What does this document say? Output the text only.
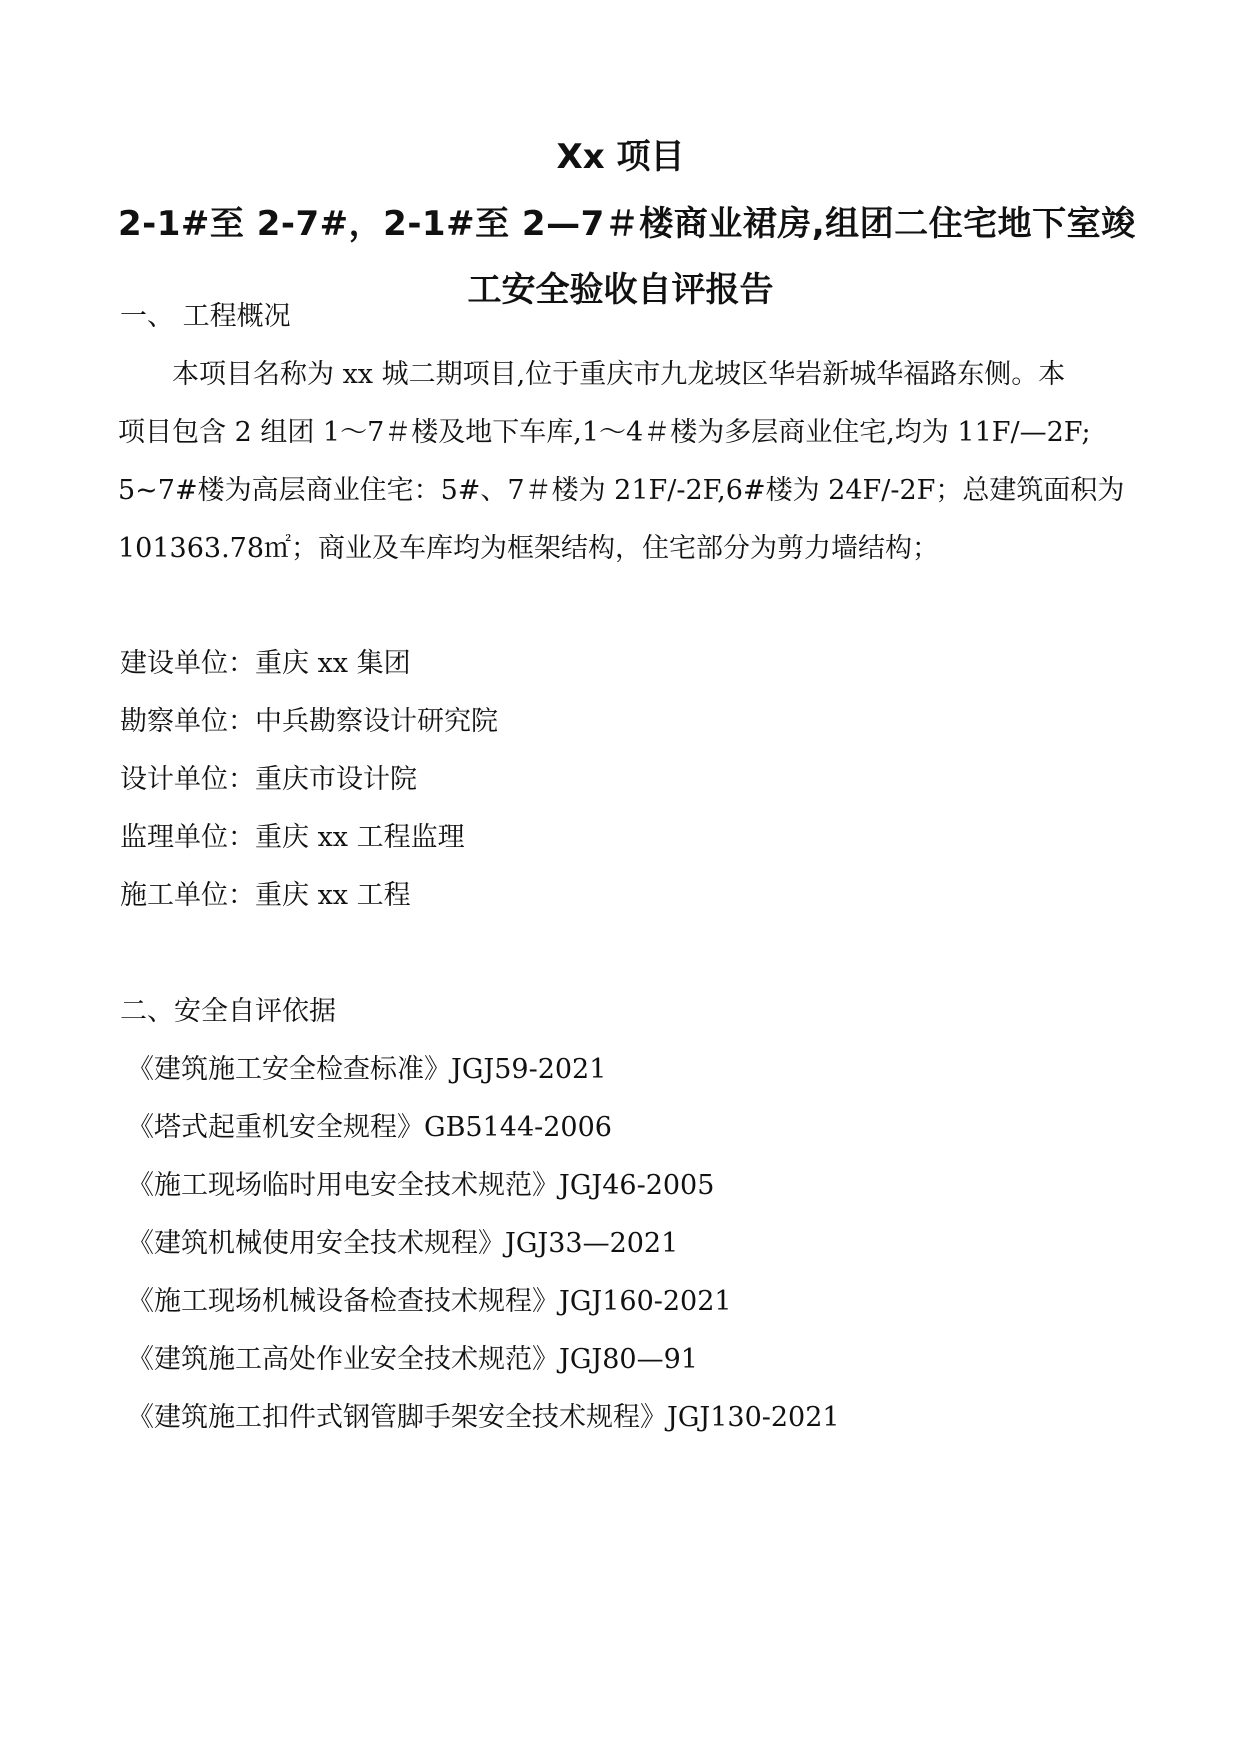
Xx 项目
2-1#至 2-7#，2-1#至 2—7＃楼商业裙房,组团二住宅地下室竣
工安全验收自评报告
一、 工程概况
　　本项目名称为 xx 城二期项目,位于重庆市九龙坡区华岩新城华福路东侧。本
项目包含 2 组团 1～7＃楼及地下车库,1～4＃楼为多层商业住宅,均为 11F/—2F;
5~7#楼为高层商业住宅：5#、7＃楼为 21F/-2F,6#楼为 24F/-2F；总建筑面积为
101363.78㎡；商业及车库均为框架结构，住宅部分为剪力墙结构；
建设单位：重庆 xx 集团
勘察单位：中兵勘察设计研究院
设计单位：重庆市设计院
监理单位：重庆 xx 工程监理
施工单位：重庆 xx 工程
二、安全自评依据
《建筑施工安全检查标准》JGJ59-2021
《塔式起重机安全规程》GB5144-2006
《施工现场临时用电安全技术规范》JGJ46-2005
《建筑机械使用安全技术规程》JGJ33—2021
《施工现场机械设备检查技术规程》JGJ160-2021
《建筑施工高处作业安全技术规范》JGJ80—91
《建筑施工扣件式钢管脚手架安全技术规程》JGJ130-2021
